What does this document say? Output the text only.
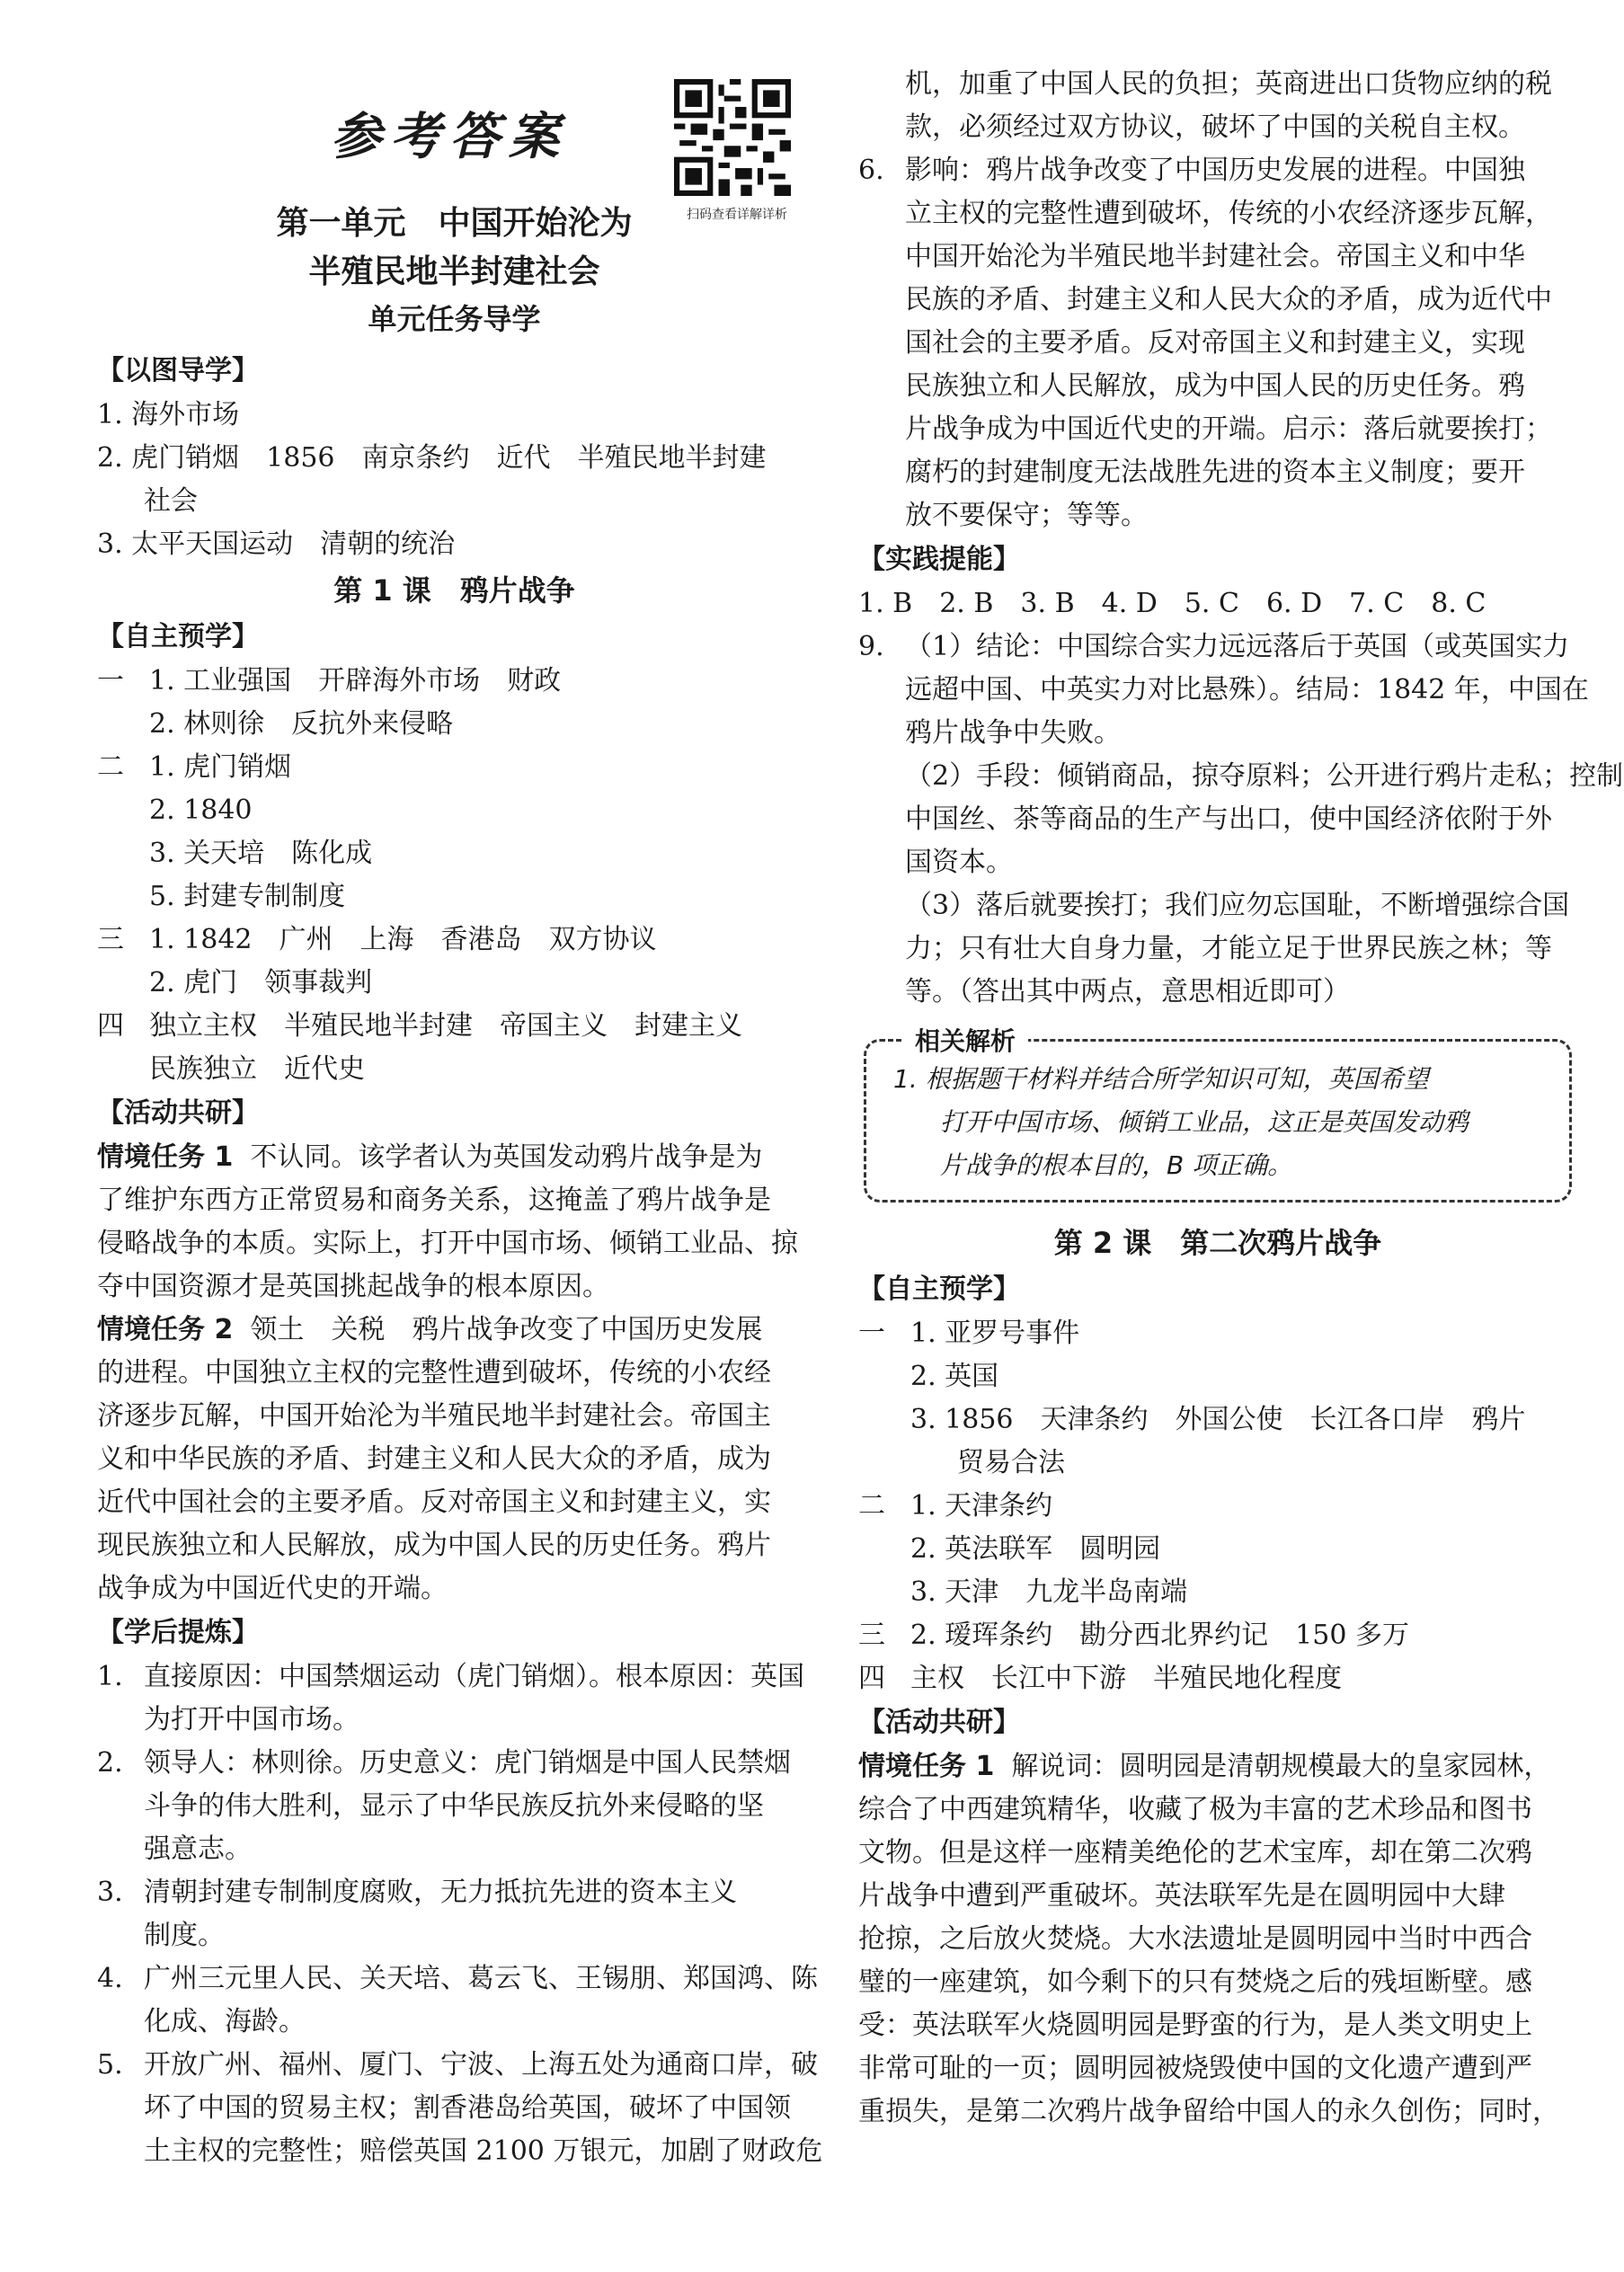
参考答案
扫码查看详解详析
第一单元　中国开始沦为
半殖民地半封建社会
单元任务导学
【以图导学】
1. 海外市场
2. 虎门销烟　1856　南京条约　近代　半殖民地半封建
社会
3. 太平天国运动　清朝的统治
第 1 课　鸦片战争
【自主预学】
一 1. 工业强国　开辟海外市场　财政
2. 林则徐　反抗外来侵略
二 1. 虎门销烟
2. 1840
3. 关天培　陈化成
5. 封建专制制度
三 1. 1842　广州　上海　香港岛　双方协议
2. 虎门　领事裁判
四 独立主权　半殖民地半封建　帝国主义　封建主义
民族独立　近代史
【活动共研】
情境任务 1 不认同。该学者认为英国发动鸦片战争是为
了维护东西方正常贸易和商务关系，这掩盖了鸦片战争是
侵略战争的本质。实际上，打开中国市场、倾销工业品、掠
夺中国资源才是英国挑起战争的根本原因。
情境任务 2 领土　关税　鸦片战争改变了中国历史发展
的进程。中国独立主权的完整性遭到破坏，传统的小农经
济逐步瓦解，中国开始沦为半殖民地半封建社会。帝国主
义和中华民族的矛盾、封建主义和人民大众的矛盾，成为
近代中国社会的主要矛盾。反对帝国主义和封建主义，实
现民族独立和人民解放，成为中国人民的历史任务。鸦片
战争成为中国近代史的开端。
【学后提炼】
1. 直接原因：中国禁烟运动（虎门销烟）。根本原因：英国
为打开中国市场。
2. 领导人：林则徐。历史意义：虎门销烟是中国人民禁烟
斗争的伟大胜利，显示了中华民族反抗外来侵略的坚
强意志。
3. 清朝封建专制制度腐败，无力抵抗先进的资本主义
制度。
4. 广州三元里人民、关天培、葛云飞、王锡朋、郑国鸿、陈
化成、海龄。
5. 开放广州、福州、厦门、宁波、上海五处为通商口岸，破
坏了中国的贸易主权；割香港岛给英国，破坏了中国领
土主权的完整性；赔偿英国 2100 万银元，加剧了财政危
机，加重了中国人民的负担；英商进出口货物应纳的税
款，必须经过双方协议，破坏了中国的关税自主权。
6. 影响：鸦片战争改变了中国历史发展的进程。中国独
立主权的完整性遭到破坏，传统的小农经济逐步瓦解，
中国开始沦为半殖民地半封建社会。帝国主义和中华
民族的矛盾、封建主义和人民大众的矛盾，成为近代中
国社会的主要矛盾。反对帝国主义和封建主义，实现
民族独立和人民解放，成为中国人民的历史任务。鸦
片战争成为中国近代史的开端。启示：落后就要挨打；
腐朽的封建制度无法战胜先进的资本主义制度；要开
放不要保守；等等。
【实践提能】
1. B　2. B　3. B　4. D　5. C　6. D　7. C　8. C
9. （1）结论：中国综合实力远远落后于英国（或英国实力
远超中国、中英实力对比悬殊）。结局：1842 年，中国在
鸦片战争中失败。
（2）手段：倾销商品，掠夺原料；公开进行鸦片走私；控制
中国丝、茶等商品的生产与出口，使中国经济依附于外
国资本。
（3）落后就要挨打；我们应勿忘国耻，不断增强综合国
力；只有壮大自身力量，才能立足于世界民族之林；等
等。（答出其中两点，意思相近即可）
相关解析
1. 根据题干材料并结合所学知识可知，英国希望
打开中国市场、倾销工业品，这正是英国发动鸦
片战争的根本目的，B 项正确。
第 2 课　第二次鸦片战争
【自主预学】
一 1. 亚罗号事件
2. 英国
3. 1856　天津条约　外国公使　长江各口岸　鸦片
贸易合法
二 1. 天津条约
2. 英法联军　圆明园
3. 天津　九龙半岛南端
三 2. 瑷珲条约　勘分西北界约记　150 多万
四 主权　长江中下游　半殖民地化程度
【活动共研】
情境任务 1 解说词：圆明园是清朝规模最大的皇家园林，
综合了中西建筑精华，收藏了极为丰富的艺术珍品和图书
文物。但是这样一座精美绝伦的艺术宝库，却在第二次鸦
片战争中遭到严重破坏。英法联军先是在圆明园中大肆
抢掠，之后放火焚烧。大水法遗址是圆明园中当时中西合
璧的一座建筑，如今剩下的只有焚烧之后的残垣断壁。感
受：英法联军火烧圆明园是野蛮的行为，是人类文明史上
非常可耻的一页；圆明园被烧毁使中国的文化遗产遭到严
重损失，是第二次鸦片战争留给中国人的永久创伤；同时，
